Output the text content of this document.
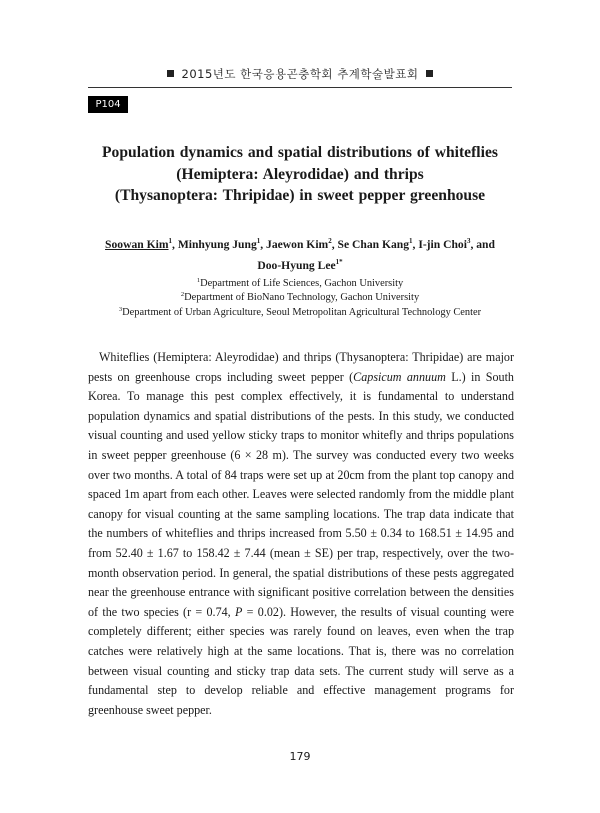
2015년도 한국응용곤충학회 추계학술발표회
P104
Population dynamics and spatial distributions of whiteflies
(Hemiptera: Aleyrodidae) and thrips
(Thysanoptera: Thripidae) in sweet pepper greenhouse
Soowan Kim$^1$, Minhyung Jung$^1$, Jaewon Kim$^2$, Se Chan Kang$^1$, I-jin Choi$^3$, and
Doo-Hyung Lee$^{1*}$
$^1$Department of Life Sciences, Gachon University
$^2$Department of BioNano Technology, Gachon University
$^3$Department of Urban Agriculture, Seoul Metropolitan Agricultural Technology Center
Whiteflies (Hemiptera: Aleyrodidae) and thrips (Thysanoptera: Thripidae) are major pests on greenhouse crops including sweet pepper (Capsicum annuum L.) in South Korea. To manage this pest complex effectively, it is fundamental to understand population dynamics and spatial distributions of the pests. In this study, we conducted visual counting and used yellow sticky traps to monitor whitefly and thrips populations in sweet pepper greenhouse (6 × 28 m). The survey was conducted every two weeks over two months. A total of 84 traps were set up at 20cm from the plant top canopy and spaced 1m apart from each other. Leaves were selected randomly from the middle plant canopy for visual counting at the same sampling locations. The trap data indicate that the numbers of whiteflies and thrips increased from 5.50 ± 0.34 to 168.51 ± 14.95 and from 52.40 ± 1.67 to 158.42 ± 7.44 (mean ± SE) per trap, respectively, over the two-month observation period. In general, the spatial distributions of these pests aggregated near the greenhouse entrance with significant positive correlation between the densities of the two species (r = 0.74, P = 0.02). However, the results of visual counting were completely different; either species was rarely found on leaves, even when the trap catches were relatively high at the same locations. That is, there was no correlation between visual counting and sticky trap data sets. The current study will serve as a fundamental step to develop reliable and effective management programs for greenhouse sweet pepper.
179
